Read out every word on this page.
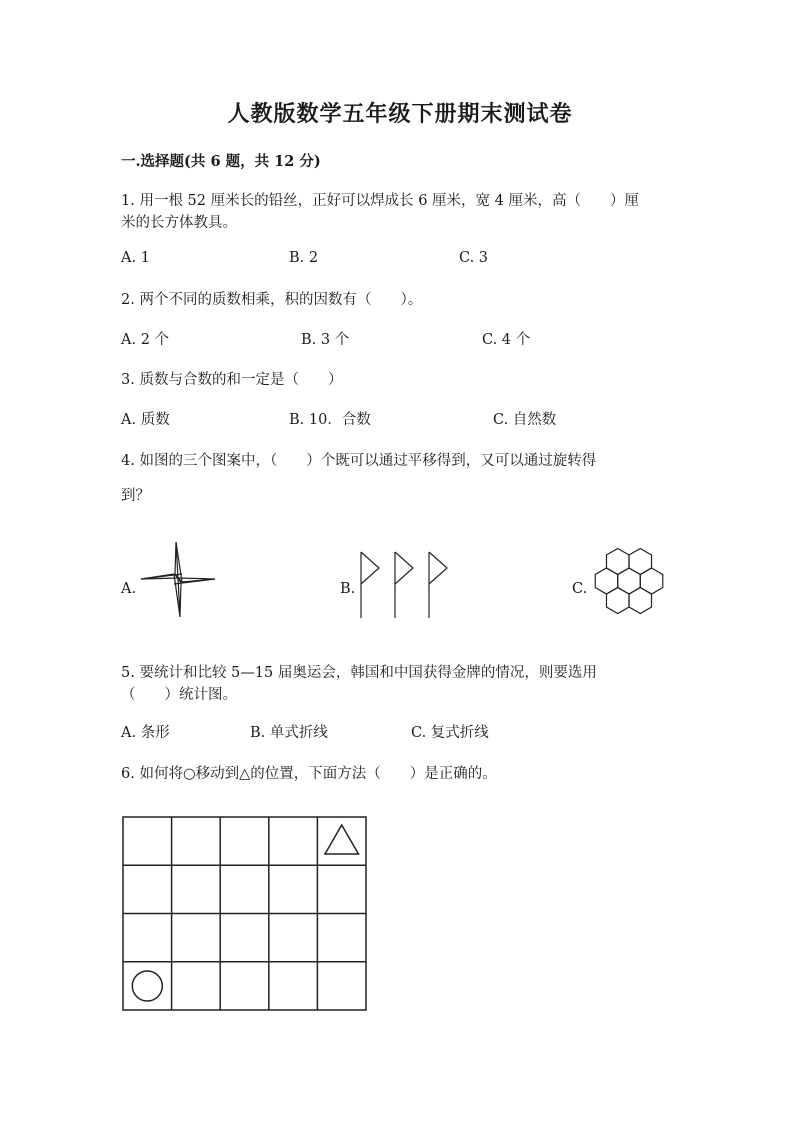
人教版数学五年级下册期末测试卷
一.选择题(共 6 题，共 12 分)
1. 用一根 52 厘米长的铅丝，正好可以焊成长 6 厘米，宽 4 厘米，高（　　）厘
米的长方体教具。
A. 1	B. 2	C. 3
2. 两个不同的质数相乘，积的因数有（　　）。
A. 2 个	B. 3 个	C. 4 个
3. 质数与合数的和一定是（　　）
A. 质数	B. 10．合数	C. 自然数
4. 如图的三个图案中，（　　）个既可以通过平移得到，又可以通过旋转得
到？
A.	B.	C.
5. 要统计和比较 5—15 届奥运会，韩国和中国获得金牌的情况，则要选用
（　　）统计图。
A. 条形	B. 单式折线	C. 复式折线
6. 如何将○移动到△的位置，下面方法（　　）是正确的。
